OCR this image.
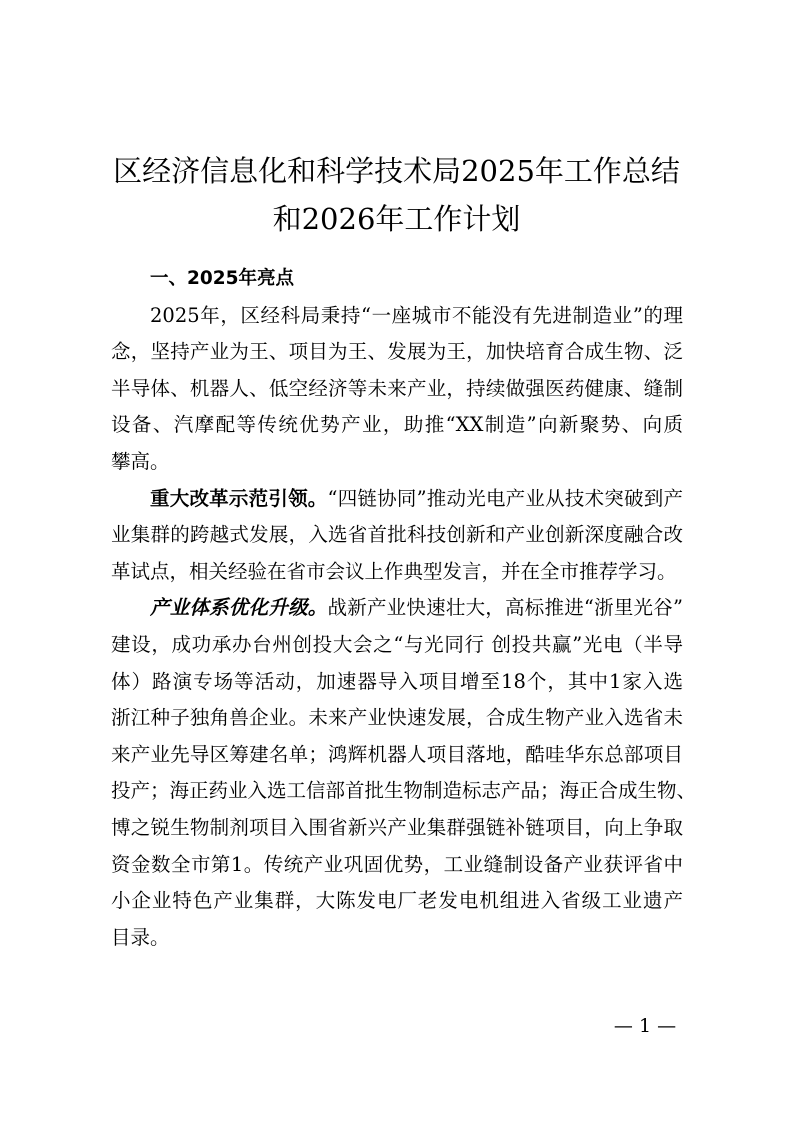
区经济信息化和科学技术局2025年工作总结
和2026年工作计划
一、2025年亮点
2025年，区经科局秉持“一座城市不能没有先进制造业”的理
念，坚持产业为王、项目为王、发展为王，加快培育合成生物、泛
半导体、机器人、低空经济等未来产业，持续做强医药健康、缝制
设备、汽摩配等传统优势产业，助推“XX制造”向新聚势、向质
攀高。
重大改革示范引领。“四链协同”推动光电产业从技术突破到产
业集群的跨越式发展，入选省首批科技创新和产业创新深度融合改
革试点，相关经验在省市会议上作典型发言，并在全市推荐学习。
产业体系优化升级。战新产业快速壮大，高标推进“浙里光谷”
建设，成功承办台州创投大会之“与光同行 创投共赢”光电（半导
体）路演专场等活动，加速器导入项目增至18个，其中1家入选
浙江种子独角兽企业。未来产业快速发展，合成生物产业入选省未
来产业先导区筹建名单；鸿辉机器人项目落地，酷哇华东总部项目
投产；海正药业入选工信部首批生物制造标志产品；海正合成生物、
博之锐生物制剂项目入围省新兴产业集群强链补链项目，向上争取
资金数全市第1。传统产业巩固优势，工业缝制设备产业获评省中
小企业特色产业集群，大陈发电厂老发电机组进入省级工业遗产
目录。
— 1 —
